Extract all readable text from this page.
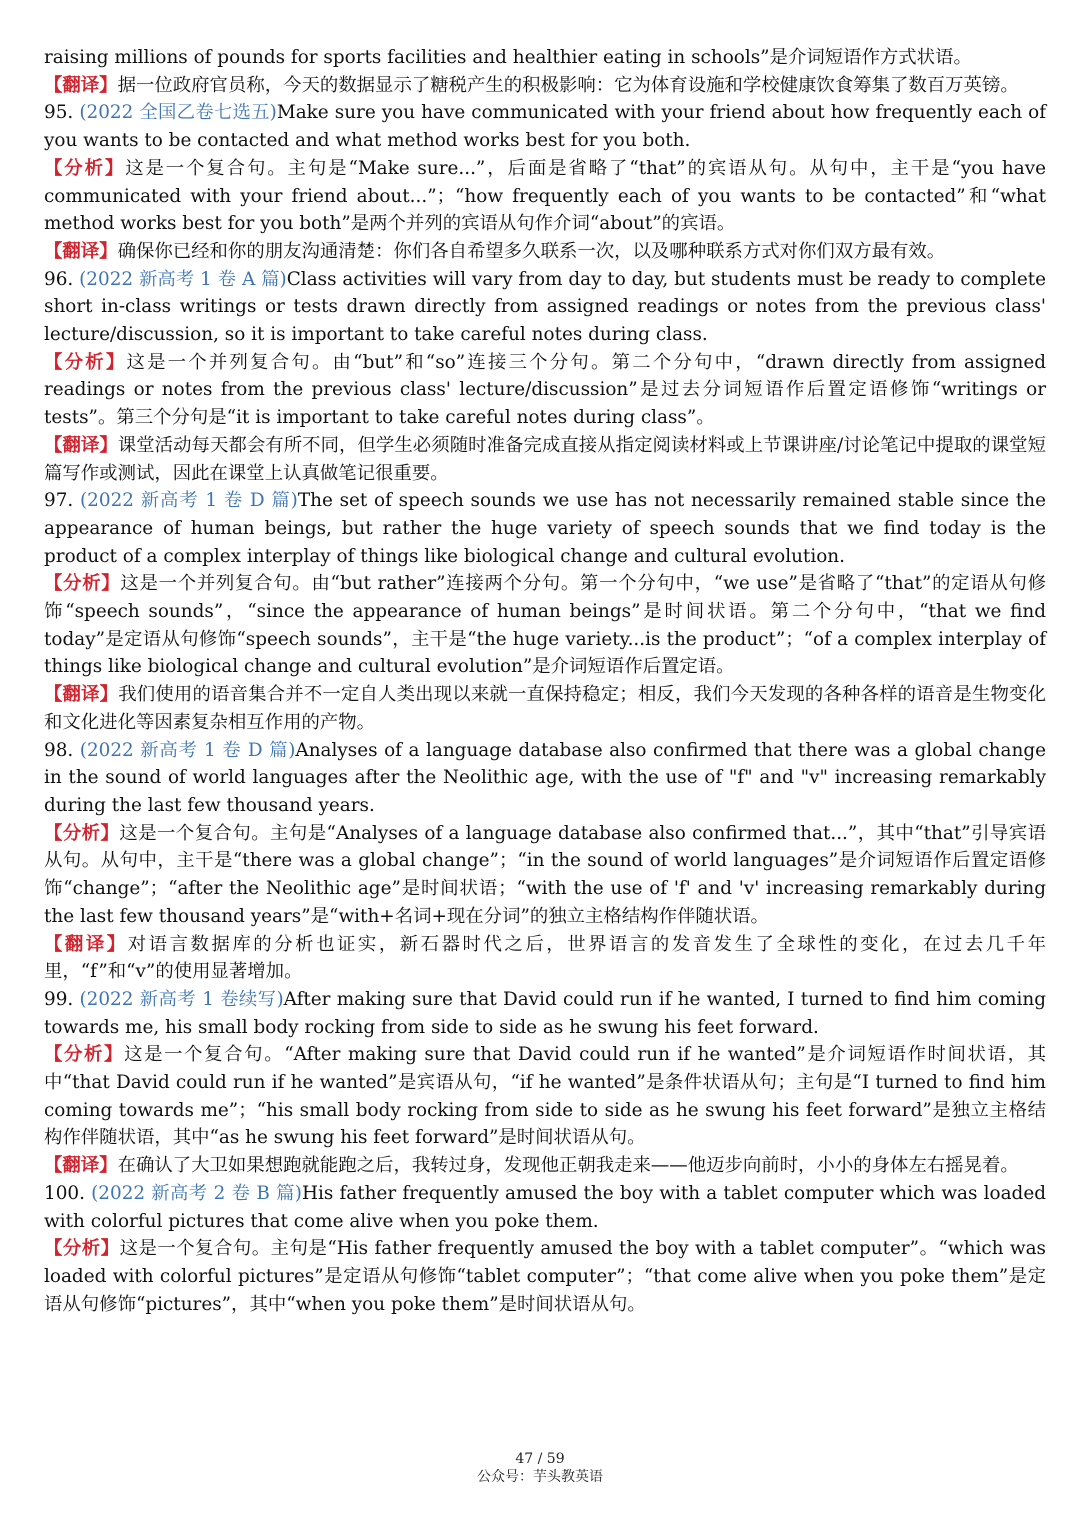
raising millions of pounds for sports facilities and healthier eating in schools”是介词短语作方式状语。

【翻译】据一位政府官员称，今天的数据显示了糖税产生的积极影响：它为体育设施和学校健康饮食筹集了数百万英镑。

95. (2022 全国乙卷七选五)Make sure you have communicated with your friend about how frequently each of you wants to be contacted and what method works best for you both.

【分析】这是一个复合句。主句是“Make sure...”，后面是省略了“that”的宾语从句。从句中，主干是“you have communicated with your friend about...”；“how frequently each of you wants to be contacted”和“what method works best for you both”是两个并列的宾语从句作介词“about”的宾语。

【翻译】确保你已经和你的朋友沟通清楚：你们各自希望多久联系一次，以及哪种联系方式对你们双方最有效。

96. (2022 新高考 1 卷 A 篇)Class activities will vary from day to day, but students must be ready to complete short in-class writings or tests drawn directly from assigned readings or notes from the previous class' lecture/discussion, so it is important to take careful notes during class.

【分析】这是一个并列复合句。由“but”和“so”连接三个分句。第二个分句中，“drawn directly from assigned readings or notes from the previous class' lecture/discussion”是过去分词短语作后置定语修饰“writings or tests”。第三个分句是“it is important to take careful notes during class”。

【翻译】课堂活动每天都会有所不同，但学生必须随时准备完成直接从指定阅读材料或上节课讲座/讨论笔记中提取的课堂短篇写作或测试，因此在课堂上认真做笔记很重要。

97. (2022 新高考 1 卷 D 篇)The set of speech sounds we use has not necessarily remained stable since the appearance of human beings, but rather the huge variety of speech sounds that we find today is the product of a complex interplay of things like biological change and cultural evolution.

【分析】这是一个并列复合句。由“but rather”连接两个分句。第一个分句中，“we use”是省略了“that”的定语从句修饰“speech sounds”，“since the appearance of human beings”是时间状语。第二个分句中，“that we find today”是定语从句修饰“speech sounds”，主干是“the huge variety...is the product”；“of a complex interplay of things like biological change and cultural evolution”是介词短语作后置定语。

【翻译】我们使用的语音集合并不一定自人类出现以来就一直保持稳定；相反，我们今天发现的各种各样的语音是生物变化和文化进化等因素复杂相互作用的产物。

98. (2022 新高考 1 卷 D 篇)Analyses of a language database also confirmed that there was a global change in the sound of world languages after the Neolithic age, with the use of "f" and "v" increasing remarkably during the last few thousand years.

【分析】这是一个复合句。主句是“Analyses of a language database also confirmed that...”，其中“that”引导宾语从句。从句中，主干是“there was a global change”；“in the sound of world languages”是介词短语作后置定语修饰“change”；“after the Neolithic age”是时间状语；“with the use of 'f' and 'v' increasing remarkably during the last few thousand years”是“with+名词+现在分词”的独立主格结构作伴随状语。

【翻译】对语言数据库的分析也证实，新石器时代之后，世界语言的发音发生了全球性的变化，在过去几千年里，“f”和“v”的使用显著增加。

99. (2022 新高考 1 卷续写)After making sure that David could run if he wanted, I turned to find him coming towards me, his small body rocking from side to side as he swung his feet forward.

【分析】这是一个复合句。“After making sure that David could run if he wanted”是介词短语作时间状语，其中“that David could run if he wanted”是宾语从句，“if he wanted”是条件状语从句；主句是“I turned to find him coming towards me”；“his small body rocking from side to side as he swung his feet forward”是独立主格结构作伴随状语，其中“as he swung his feet forward”是时间状语从句。

【翻译】在确认了大卫如果想跑就能跑之后，我转过身，发现他正朝我走来——他迈步向前时，小小的身体左右摇晃着。

100. (2022 新高考 2 卷 B 篇)His father frequently amused the boy with a tablet computer which was loaded with colorful pictures that come alive when you poke them.

【分析】这是一个复合句。主句是“His father frequently amused the boy with a tablet computer”。“which was loaded with colorful pictures”是定语从句修饰“tablet computer”；“that come alive when you poke them”是定语从句修饰“pictures”，其中“when you poke them”是时间状语从句。

47 / 59
公众号：芋头教英语
